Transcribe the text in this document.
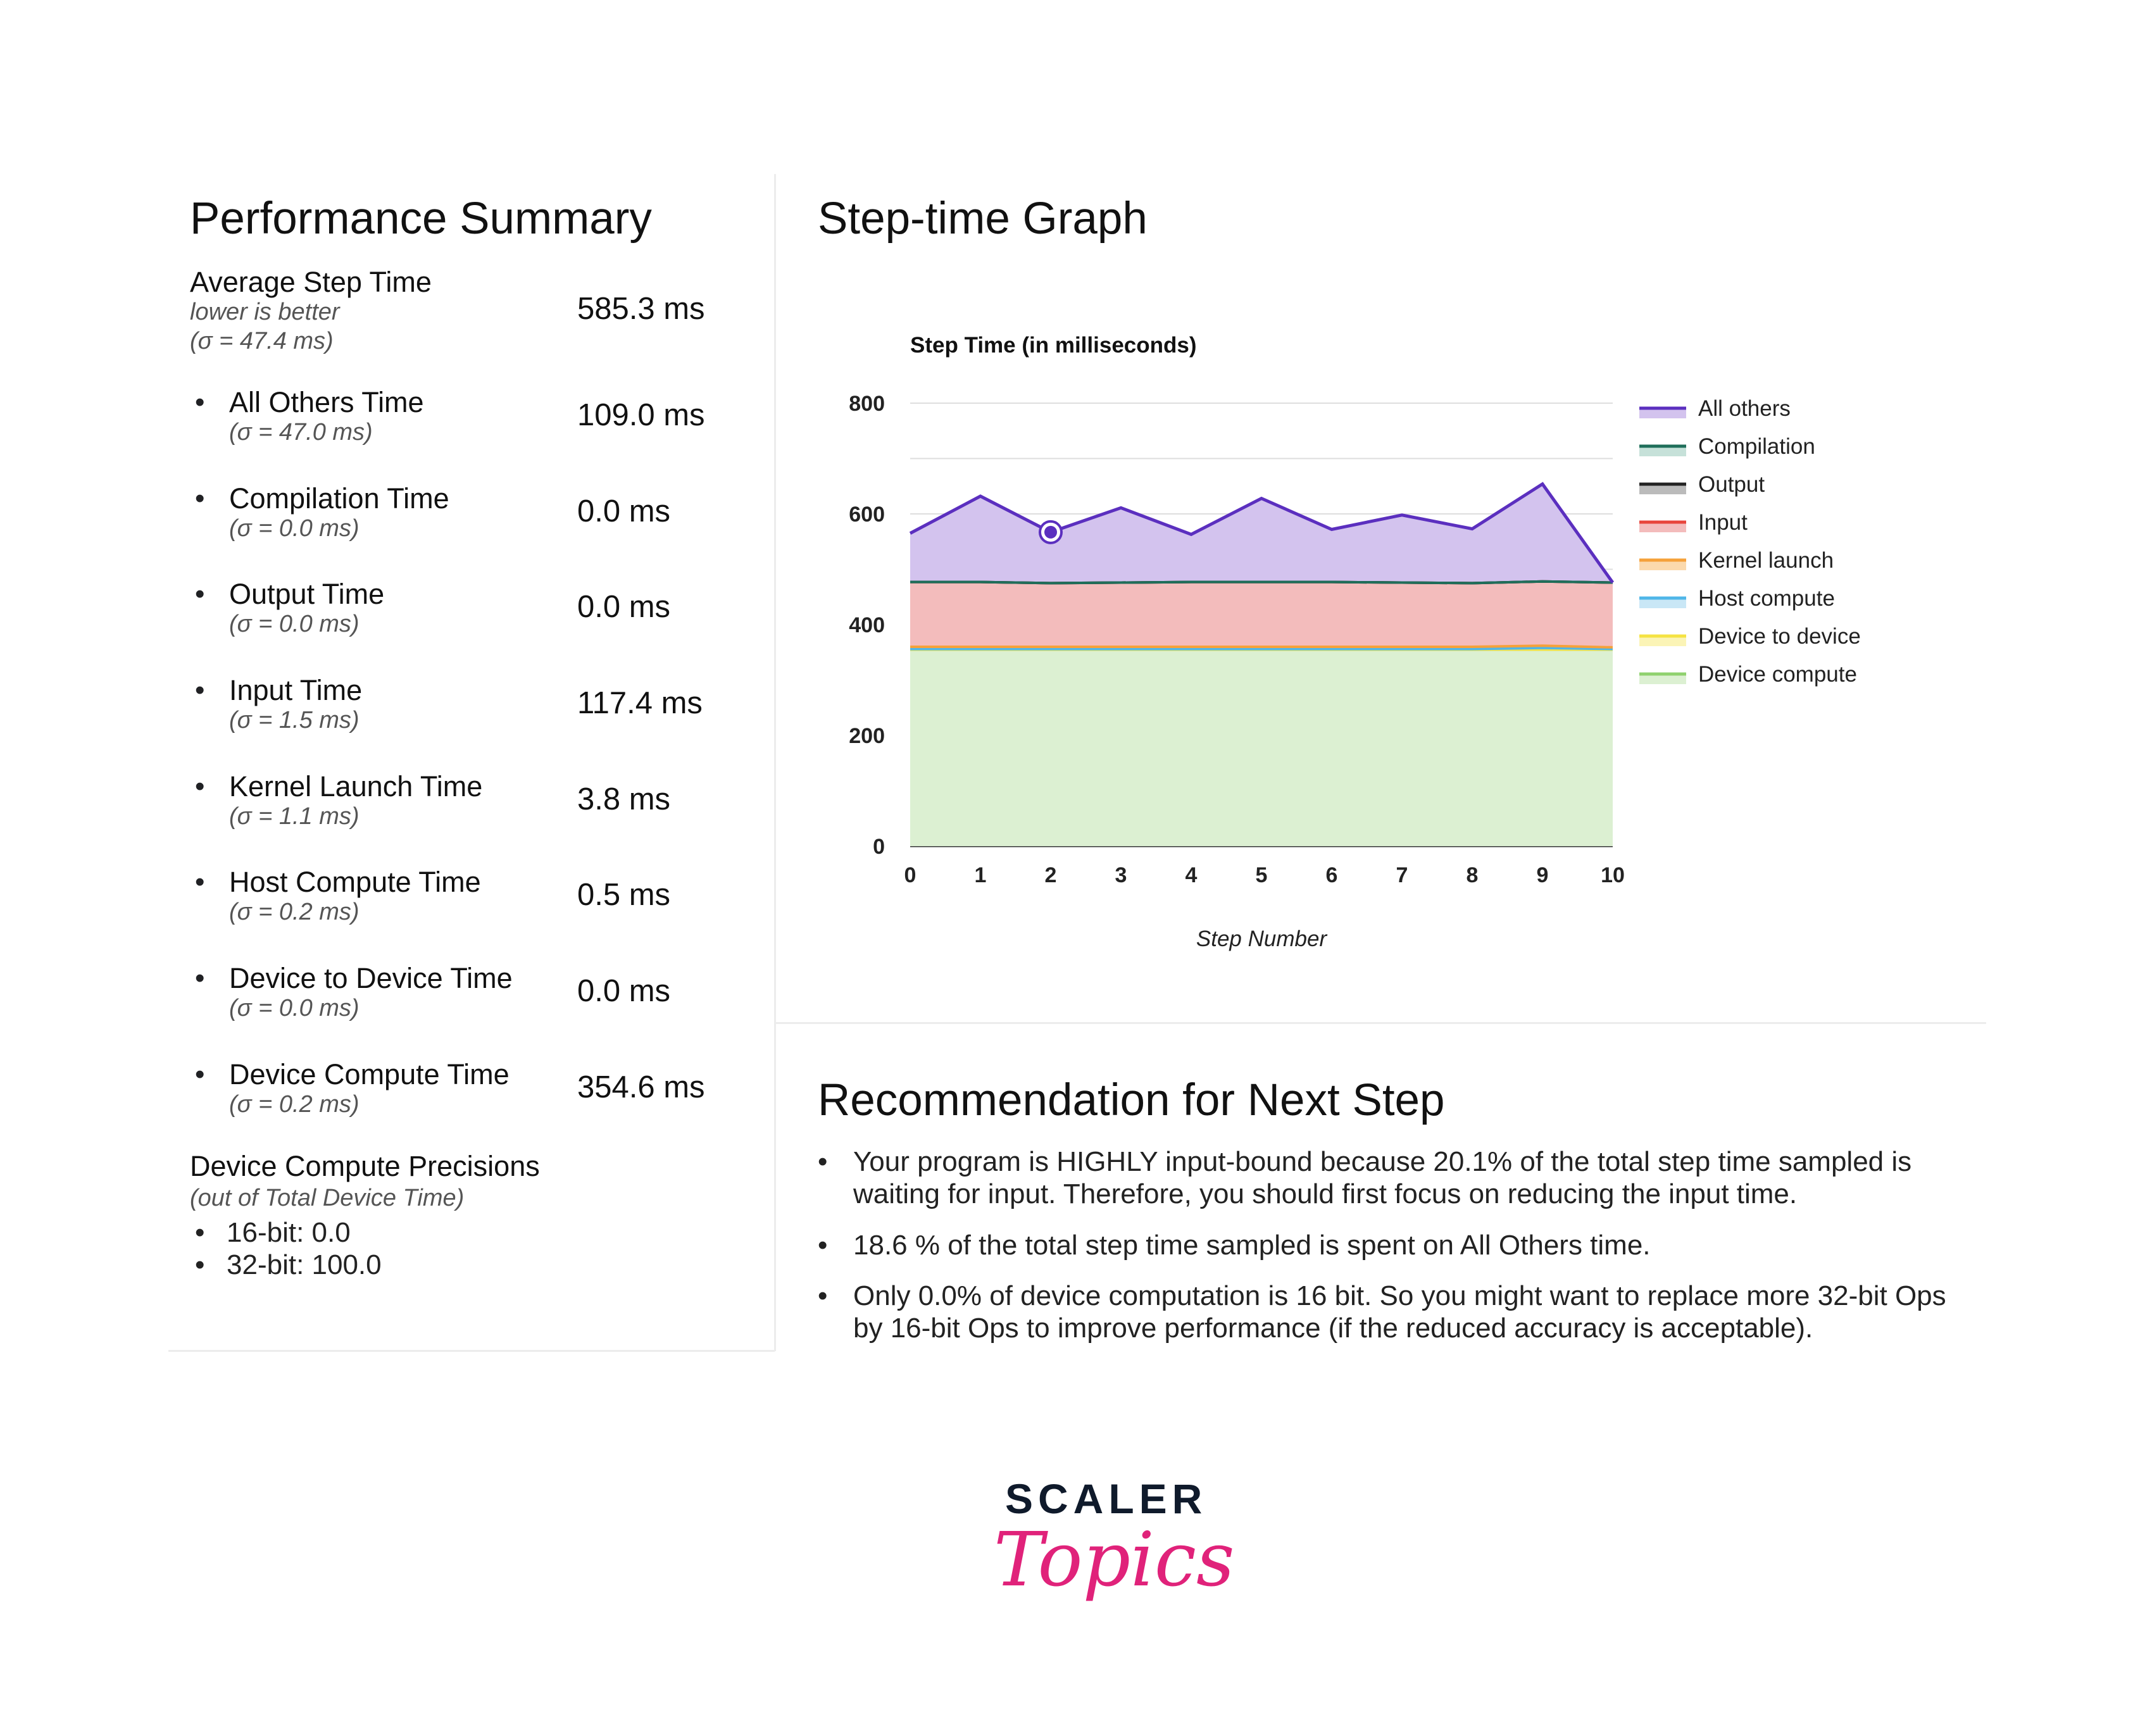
Performance Summary
Average Step Time
lower is better
(σ = 47.4 ms)
585.3 ms
• All Others Time
(σ = 47.0 ms)	109.0 ms
• Compilation Time
(σ = 0.0 ms)	0.0 ms
• Output Time
(σ = 0.0 ms)	0.0 ms
• Input Time
(σ = 1.5 ms)	117.4 ms
• Kernel Launch Time
(σ = 1.1 ms)	3.8 ms
• Host Compute Time
(σ = 0.2 ms)	0.5 ms
• Device to Device Time
(σ = 0.0 ms)	0.0 ms
• Device Compute Time
(σ = 0.2 ms)	354.6 ms
Device Compute Precisions
(out of Total Device Time)
• 16-bit: 0.0
• 32-bit: 100.0
Step-time Graph
0
200
400
600
800
0	1	2	3	4	5	6	7	8	9 10
All others
Compilation
Output
Input
Kernel launch
Host compute
Device to device
Device compute
Step Time (in milliseconds)
Step Number
Recommendation for Next Step
• Your program is HIGHLY input-bound because 20.1% of the total step time sampled is waiting for input. Therefore, you should first focus on reducing the input time.
• 18.6 % of the total step time sampled is spent on All Others time.
• Only 0.0% of device computation is 16 bit. So you might want to replace more 32-bit Ops by 16-bit Ops to improve performance (if the reduced accuracy is acceptable).
SCALER
Topics
